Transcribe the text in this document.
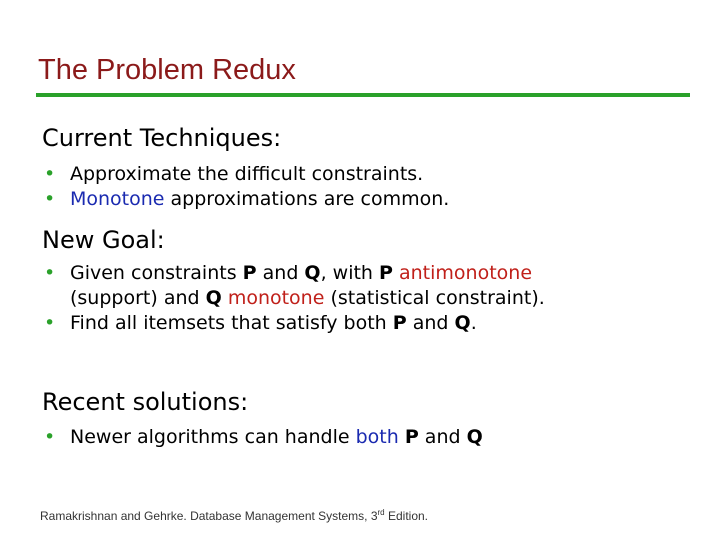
The Problem Redux
Current Techniques:
• Approximate the difficult constraints.
• Monotone approximations are common.
New Goal:
• Given constraints P and Q, with P antimonotone
(support) and Q monotone (statistical constraint).
• Find all itemsets that satisfy both P and Q.
Recent solutions:
• Newer algorithms can handle both P and Q
Ramakrishnan and Gehrke. Database Management Systems, 3rd Edition.
